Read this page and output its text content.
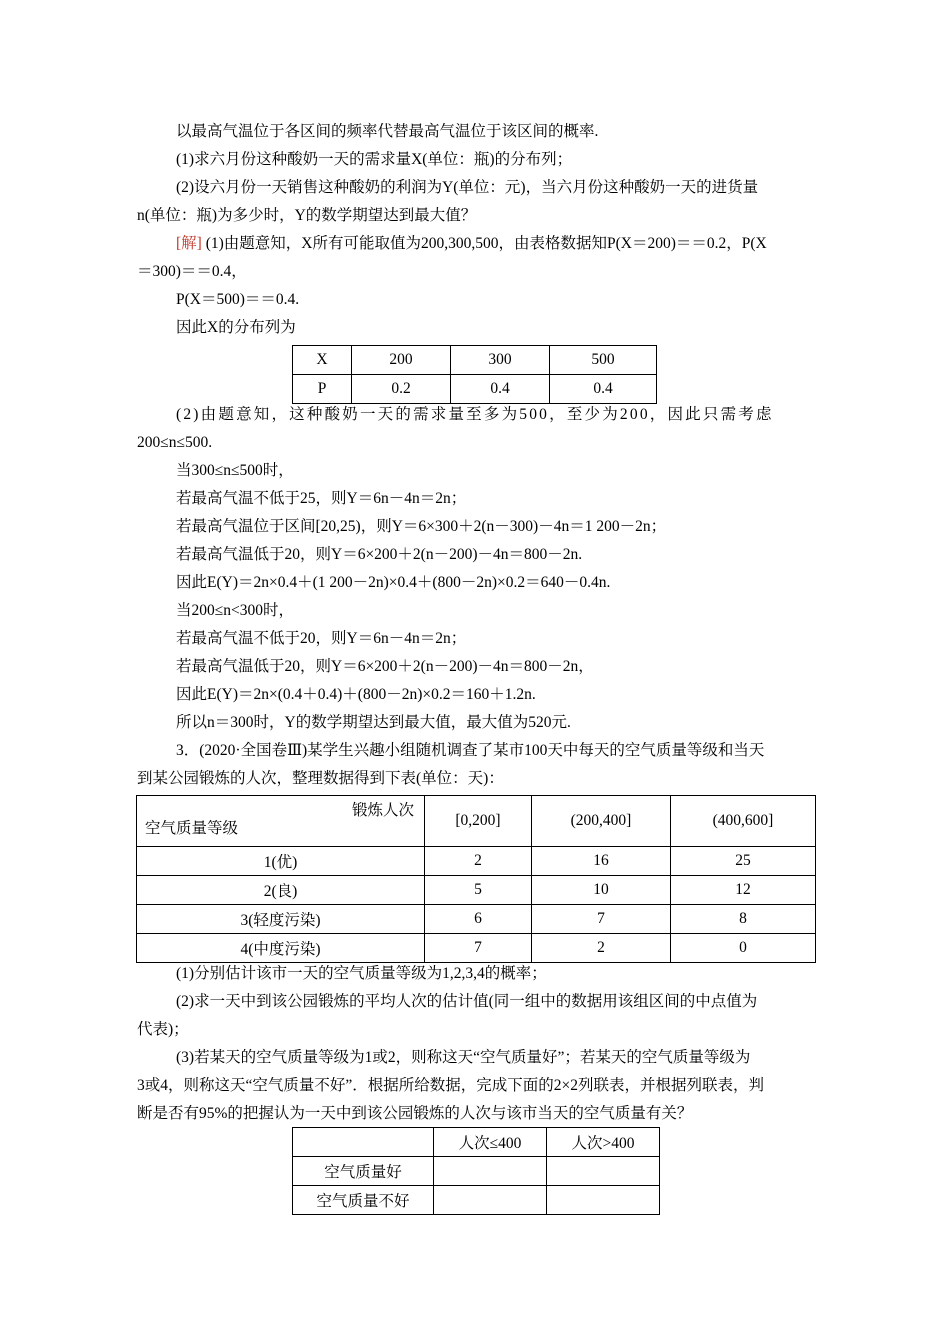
以最高气温位于各区间的频率代替最高气温位于该区间的概率.
(1)求六月份这种酸奶一天的需求量X(单位：瓶)的分布列；
(2)设六月份一天销售这种酸奶的利润为Y(单位：元)，当六月份这种酸奶一天的进货量
n(单位：瓶)为多少时，Y的数学期望达到最大值？
[解] (1)由题意知，X所有可能取值为200,300,500，由表格数据知P(X＝200)＝＝0.2，P(X
＝300)＝＝0.4，
P(X＝500)＝＝0.4.
因此X的分布列为
X	200	300	500
P	0.2	0.4	0.4
(2)由题意知，这种酸奶一天的需求量至多为500，至少为200，因此只需考虑
200≤n≤500.
当300≤n≤500时，
若最高气温不低于25，则Y＝6n－4n＝2n；
若最高气温位于区间[20,25)，则Y＝6×300＋2(n－300)－4n＝1 200－2n；
若最高气温低于20，则Y＝6×200＋2(n－200)－4n＝800－2n.
因此E(Y)＝2n×0.4＋(1 200－2n)×0.4＋(800－2n)×0.2＝640－0.4n.
当200≤n<300时，
若最高气温不低于20，则Y＝6n－4n＝2n；
若最高气温低于20，则Y＝6×200＋2(n－200)－4n＝800－2n，
因此E(Y)＝2n×(0.4＋0.4)＋(800－2n)×0.2＝160＋1.2n.
所以n＝300时，Y的数学期望达到最大值，最大值为520元.
3．(2020·全国卷Ⅲ)某学生兴趣小组随机调查了某市100天中每天的空气质量等级和当天
到某公园锻炼的人次，整理数据得到下表(单位：天)：
锻炼人次
空气质量等级	[0,200]	(200,400]	(400,600]
1(优)	2	16	25
2(良)	5	10	12
3(轻度污染)	6	7	8
4(中度污染)	7	2	0
(1)分别估计该市一天的空气质量等级为1,2,3,4的概率；
(2)求一天中到该公园锻炼的平均人次的估计值(同一组中的数据用该组区间的中点值为
代表)；
(3)若某天的空气质量等级为1或2，则称这天“空气质量好”；若某天的空气质量等级为
3或4，则称这天“空气质量不好”．根据所给数据，完成下面的2×2列联表，并根据列联表，判
断是否有95%的把握认为一天中到该公园锻炼的人次与该市当天的空气质量有关？
	人次≤400	人次>400
空气质量好		
空气质量不好		
